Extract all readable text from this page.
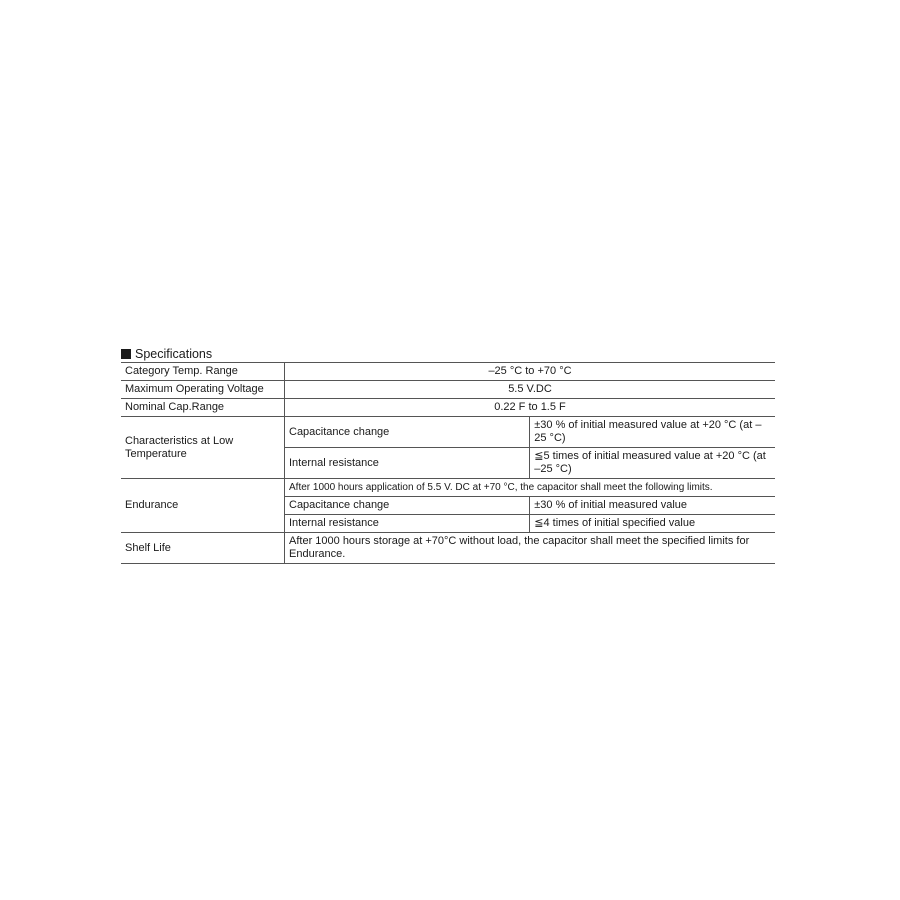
Specifications
Category Temp. Range	–25 °C to +70 °C	
Maximum Operating Voltage	5.5 V.DC	
Nominal Cap.Range	0.22 F to 1.5 F	
Characteristics at Low Temperature	Capacitance change	±30 % of initial measured value at +20 °C (at –25 °C)
	Internal resistance	≦5 times of initial measured value at +20 °C (at –25 °C)
Endurance	After 1000 hours application of 5.5 V. DC at +70 °C, the capacitor shall meet the following limits.	
	Capacitance change	±30 % of initial measured value
	Internal resistance	≦4 times of initial specified value
Shelf Life	After 1000 hours storage at +70°C without load, the capacitor shall meet the specified limits for Endurance.	
